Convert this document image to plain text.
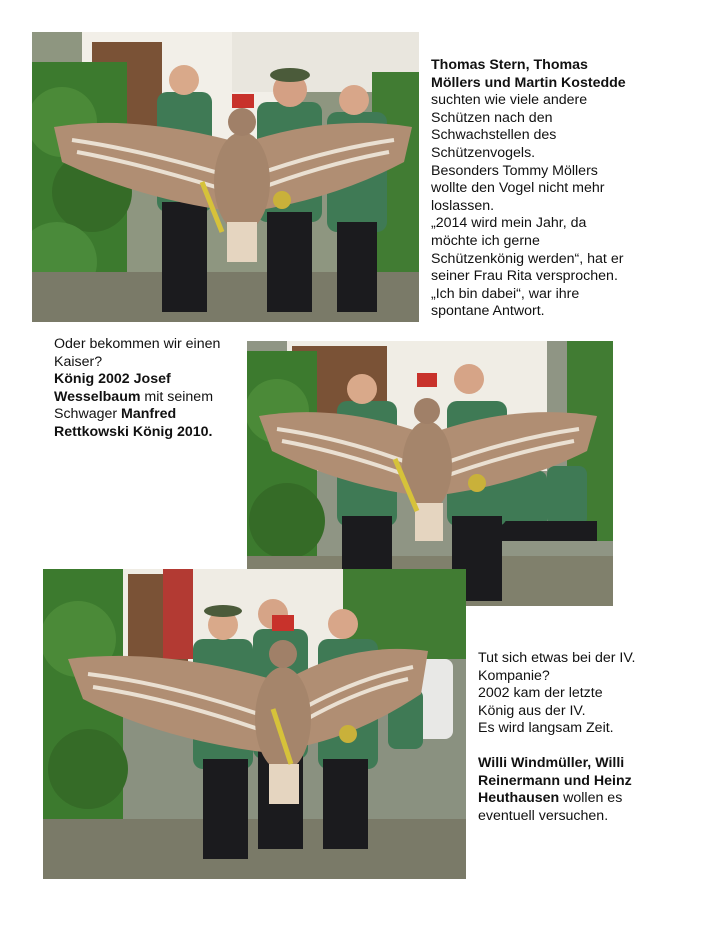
Thomas Stern, Thomas Möllers und Martin Kostedde suchten wie viele andere Schützen nach den Schwachstellen des Schützenvogels.
Besonders Tommy Möllers wollte den Vogel nicht mehr loslassen.
„2014 wird mein Jahr, da möchte ich gerne Schützenkönig werden“, hat er seiner Frau Rita versprochen. „Ich bin dabei“, war ihre spontane Antwort.
Oder bekommen wir einen Kaiser?
König 2002 Josef Wesselbaum mit seinem Schwager Manfred Rettkowski König 2010.
Tut sich etwas bei der IV. Kompanie?
2002 kam der letzte König aus der IV.
Es wird langsam Zeit.
Willi Windmüller, Willi Reinermann und Heinz Heuthausen wollen es eventuell versuchen.
